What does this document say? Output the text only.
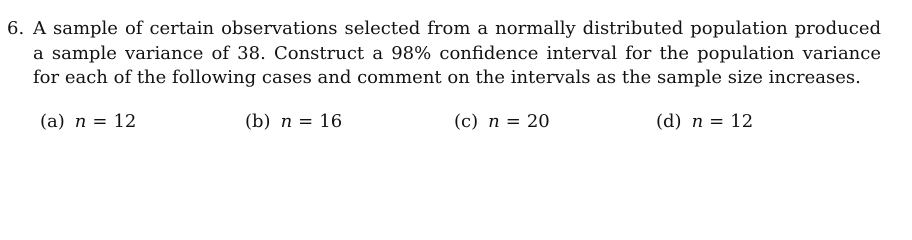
6. A sample of certain observations selected from a normally distributed population produced a sample variance of 38. Construct a 98% confidence interval for the population variance for each of the following cases and comment on the intervals as the sample size increases.
(a) n = 12	(b) n = 16	(c) n = 20	(d) n = 12
